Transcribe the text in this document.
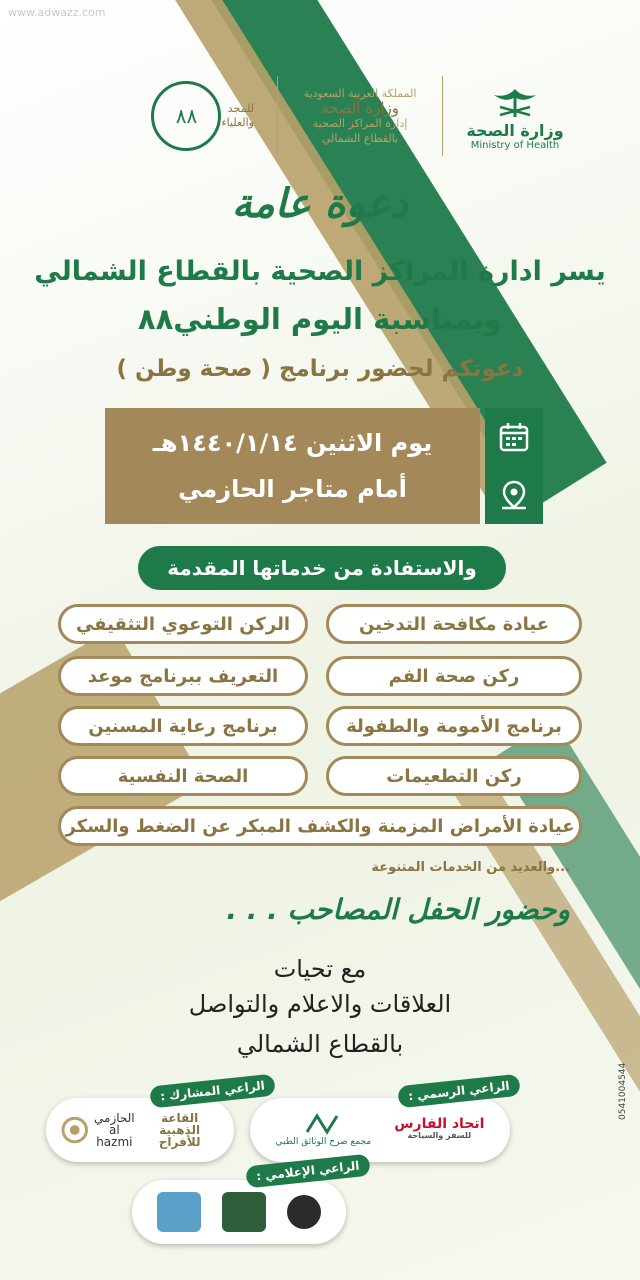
www.adwazz.com
وزارة الصحة
Ministry of Health
المملكة العربية السعودية
وزارة الصحة
إدارة المراكز الصحية
بالقطاع الشمالي
للمجد
والعلياء
٨٨
دعوة عامة
يسر ادارة المراكز الصحية بالقطاع الشمالي
وبمناسبة اليوم الوطني٨٨
دعوتكم لحضور برنامج ( صحة وطن )
يوم الاثنين ١٤٤٠/١/١٤هـ
أمام متاجر الحازمي
والاستفادة من خدماتها المقدمة
عيادة مكافحة التدخين
الركن التوعوي التثقيفي
ركن صحة الفم
التعريف ببرنامج موعد
برنامج الأمومة والطفولة
برنامج رعاية المسنين
ركن التطعيمات
الصحة النفسية
عيادة الأمراض المزمنة والكشف المبكر عن الضغط والسكر
...والعديد من الخدمات المتنوعة
وحضور الحفل المصاحب . . .
مع تحيات
العلاقات والاعلام والتواصل
بالقطاع الشمالي
0541004544
اتحاد الفارس
للسفر والسياحة
مجمع صرح الوثائق الطبي
الراعي الرسمي :
القاعة الذهبية
للأفراح
الحازمي
al hazmi
الراعي المشارك :
الراعي الإعلامي :
